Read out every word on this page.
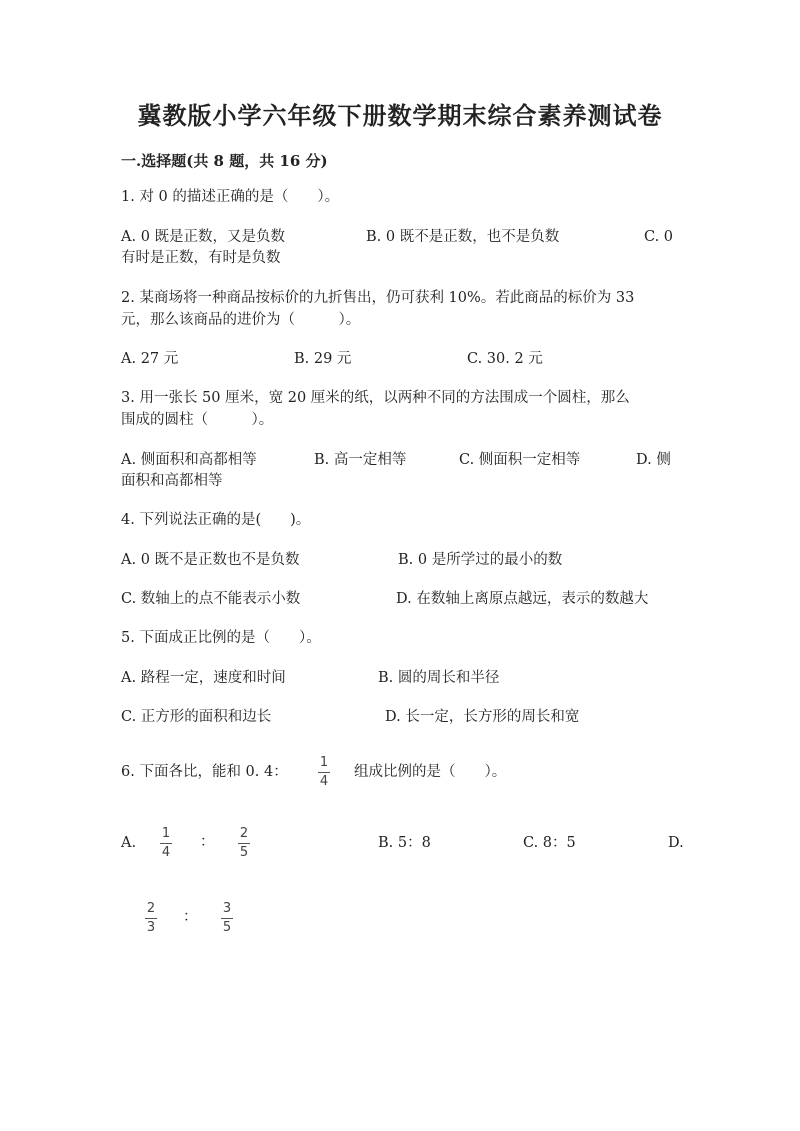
冀教版小学六年级下册数学期末综合素养测试卷
一.选择题(共 8 题，共 16 分)
1. 对 0 的描述正确的是（　　）。
A. 0 既是正数，又是负数	B. 0 既不是正数，也不是负数	C. 0
有时是正数，有时是负数
2. 某商场将一种商品按标价的九折售出，仍可获利 10%。若此商品的标价为 33
元，那么该商品的进价为（　　　）。
A. 27 元	B. 29 元	C. 30. 2 元
3. 用一张长 50 厘米，宽 20 厘米的纸，以两种不同的方法围成一个圆柱，那么
围成的圆柱（　　　）。
A. 侧面积和高都相等	B. 高一定相等	C. 侧面积一定相等	D. 侧
面积和高都相等
4. 下列说法正确的是(　　)。
A. 0 既不是正数也不是负数	B. 0 是所学过的最小的数
C. 数轴上的点不能表示小数	D. 在数轴上离原点越远，表示的数越大
5. 下面成正比例的是（　　）。
A. 路程一定，速度和时间	B. 圆的周长和半径
C. 正方形的面积和边长	D. 长一定，长方形的周长和宽
6. 下面各比，能和 0. 4：
1
4
组成比例的是（　　）。
A.
1
4
：
2
5
B. 5：8	C. 8：5	D.
2
3
：
3
5
